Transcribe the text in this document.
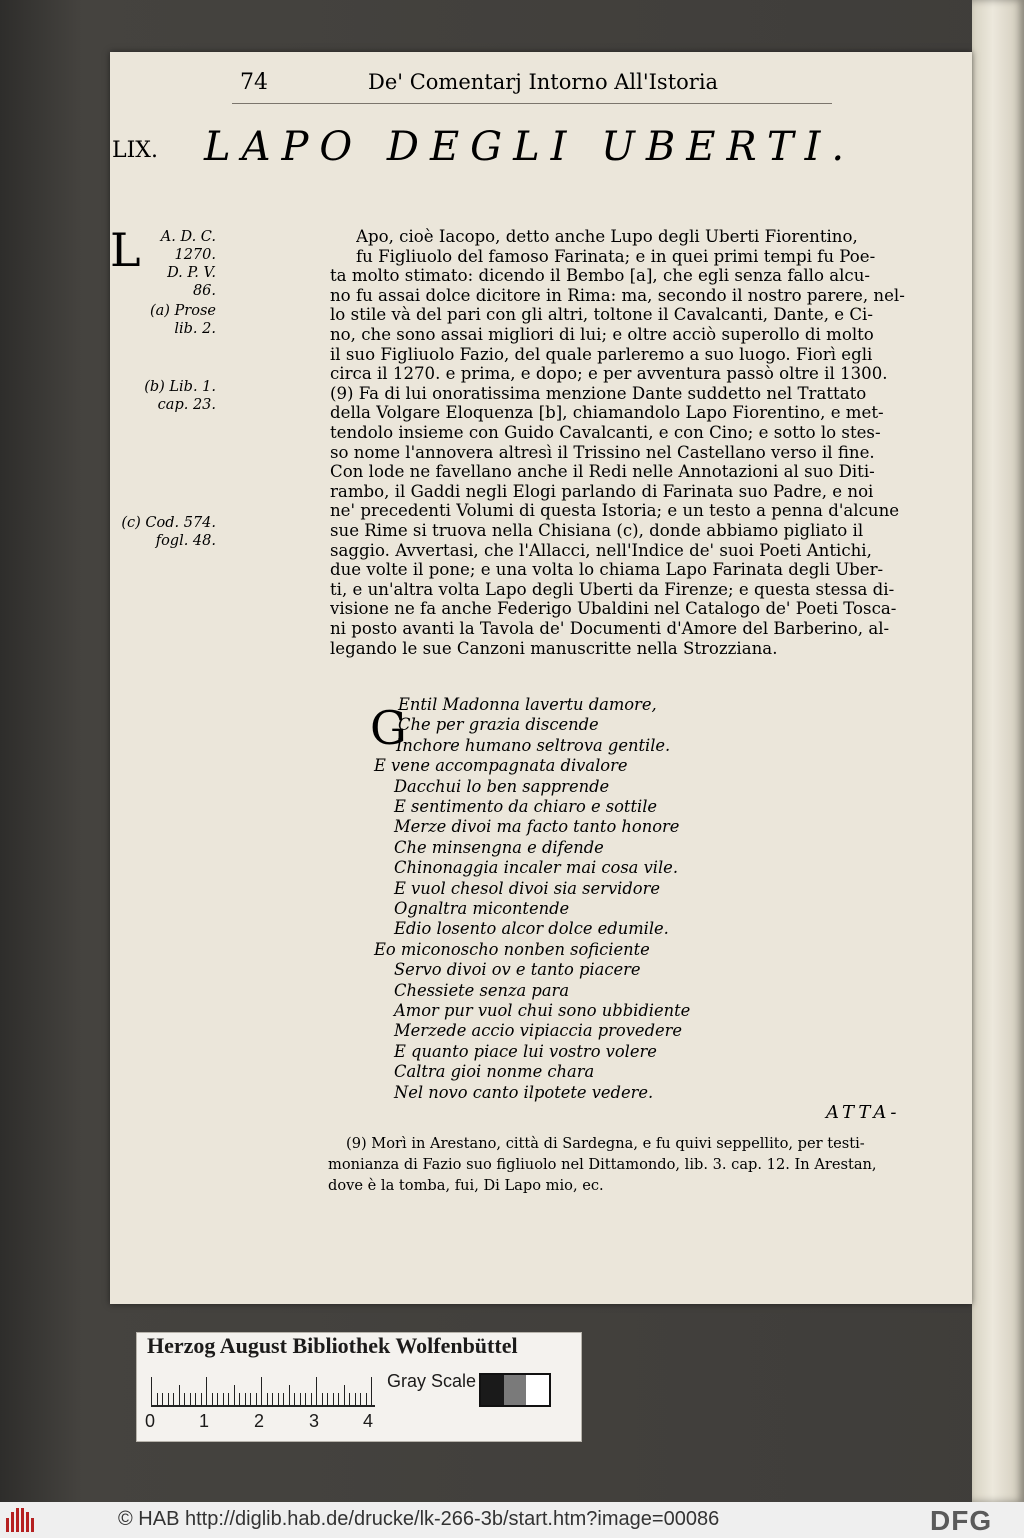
74	De' Comentarj Intorno All'Istoria
LIX. LAPO DEGLI UBERTI.
A. D. C.
1270.
D. P. V.
86.
(a) Prose
lib. 2.
(b) Lib. 1.
cap. 23.
(c) Cod. 574.
fogl. 48.
L	Apo, cioè Iacopo, detto anche Lupo degli Uberti Fiorentino,
fu Figliuolo del famoso Farinata; e in quei primi tempi fu Poe-
ta molto stimato: dicendo il Bembo [a], che egli senza fallo alcu-
no fu assai dolce dicitore in Rima: ma, secondo il nostro parere, nel-
lo stile và del pari con gli altri, toltone il Cavalcanti, Dante, e Ci-
no, che sono assai migliori di lui; e oltre acciò superollo di molto
il suo Figliuolo Fazio, del quale parleremo a suo luogo. Fiorì egli
circa il 1270. e prima, e dopo; e per avventura passò oltre il 1300.
(9) Fa di lui onoratissima menzione Dante suddetto nel Trattato
della Volgare Eloquenza [b], chiamandolo Lapo Fiorentino, e met-
tendolo insieme con Guido Cavalcanti, e con Cino; e sotto lo stes-
so nome l'annovera altresì il Trissino nel Castellano verso il fine.
Con lode ne favellano anche il Redi nelle Annotazioni al suo Diti-
rambo, il Gaddi negli Elogi parlando di Farinata suo Padre, e noi
ne' precedenti Volumi di questa Istoria; e un testo a penna d'alcune
sue Rime si truova nella Chisiana (c), donde abbiamo pigliato il
saggio. Avvertasi, che l'Allacci, nell'Indice de' suoi Poeti Antichi,
due volte il pone; e una volta lo chiama Lapo Farinata degli Uber-
ti, e un'altra volta Lapo degli Uberti da Firenze; e questa stessa di-
visione ne fa anche Federigo Ubaldini nel Catalogo de' Poeti Tosca-
ni posto avanti la Tavola de' Documenti d'Amore del Barberino, al-
legando le sue Canzoni manuscritte nella Strozziana.
G
Entil Madonna lavertu damore,
Che per grazia discende
Inchore humano seltrova gentile.
E vene accompagnata divalore
Dacchui lo ben sapprende
E sentimento da chiaro e sottile
Merze divoi ma facto tanto honore
Che minsengna e difende
Chinonaggia incaler mai cosa vile.
E vuol chesol divoi sia servidore
Ognaltra micontende
Edio losento alcor dolce edumile.
Eo miconoscho nonben soficiente
Servo divoi ov e tanto piacere
Chessiete senza para
Amor pur vuol chui sono ubbidiente
Merzede accio vipiaccia provedere
E quanto piace lui vostro volere
Caltra gioi nonme chara
Nel novo canto ilpotete vedere.
ATTA-
(9) Morì in Arestano, città di Sardegna, e fu quivi seppellito, per testi-
monianza di Fazio suo figliuolo nel Dittamondo, lib. 3. cap. 12. In Arestan,
dove è la tomba, fui, Di Lapo mio, ec.
Herzog August Bibliothek Wolfenbüttel
0 1 2 3 4
Gray Scale
© HAB http://diglib.hab.de/drucke/lk-266-3b/start.htm?image=00086	DFG
